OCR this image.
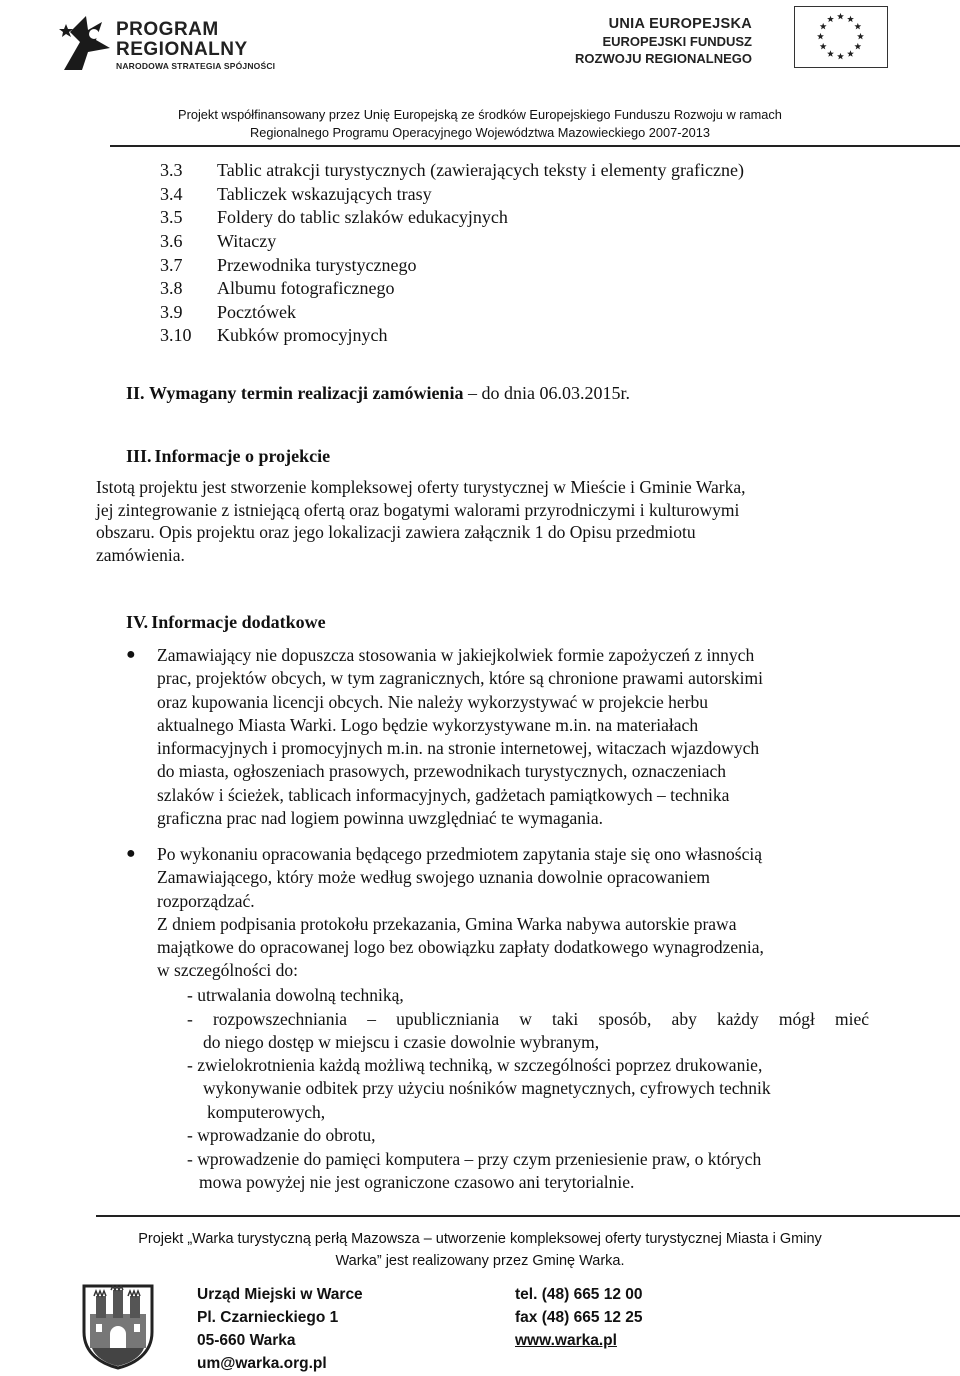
PROGRAM
REGIONALNY
NARODOWA STRATEGIA SPÓJNOŚCI
UNIA EUROPEJSKA
EUROPEJSKI FUNDUSZ
ROZWOJU REGIONALNEGO
Projekt współfinansowany przez Unię Europejską ze środków Europejskiego Funduszu Rozwoju w ramach
Regionalnego Programu Operacyjnego Województwa Mazowieckiego 2007-2013
3.3 Tablic atrakcji turystycznych (zawierających teksty i elementy graficzne)
3.4 Tabliczek wskazujących trasy
3.5 Foldery do tablic szlaków edukacyjnych
3.6 Witaczy
3.7 Przewodnika turystycznego
3.8 Albumu fotograficznego
3.9 Pocztówek
3.10 Kubków promocyjnych
II. Wymagany termin realizacji zamówienia – do dnia 06.03.2015r.
III. Informacje o projekcie
Istotą projektu jest stworzenie kompleksowej oferty turystycznej w Mieście i Gminie Warka,
jej zintegrowanie z istniejącą ofertą oraz bogatymi walorami przyrodniczymi i kulturowymi
obszaru. Opis projektu oraz jego lokalizacji zawiera załącznik 1 do Opisu przedmiotu
zamówienia.
IV. Informacje dodatkowe
● Zamawiający nie dopuszcza stosowania w jakiejkolwiek formie zapożyczeń z innych
prac, projektów obcych, w tym zagranicznych, które są chronione prawami autorskimi
oraz kupowania licencji obcych. Nie należy wykorzystywać w projekcie herbu
aktualnego Miasta Warki. Logo będzie wykorzystywane m.in. na materiałach
informacyjnych i promocyjnych m.in. na stronie internetowej, witaczach wjazdowych
do miasta, ogłoszeniach prasowych, przewodnikach turystycznych, oznaczeniach
szlaków i ścieżek, tablicach informacyjnych, gadżetach pamiątkowych – technika
graficzna prac nad logiem powinna uwzględniać te wymagania.
● Po wykonaniu opracowania będącego przedmiotem zapytania staje się ono własnością
Zamawiającego, który może według swojego uznania dowolnie opracowaniem
rozporządzać.
Z dniem podpisania protokołu przekazania, Gmina Warka nabywa autorskie prawa
majątkowe do opracowanej logo bez obowiązku zapłaty dodatkowego wynagrodzenia,
w szczególności do:
- utrwalania dowolną techniką,
- rozpowszechniania – upubliczniania w taki sposób, aby każdy mógł mieć
do niego dostęp w miejscu i czasie dowolnie wybranym,
- zwielokrotnienia każdą możliwą techniką, w szczególności poprzez drukowanie,
wykonywanie odbitek przy użyciu nośników magnetycznych, cyfrowych technik
komputerowych,
- wprowadzanie do obrotu,
- wprowadzenie do pamięci komputera – przy czym przeniesienie praw, o których
mowa powyżej nie jest ograniczone czasowo ani terytorialnie.
Projekt „Warka turystyczną perłą Mazowsza – utworzenie kompleksowej oferty turystycznej Miasta i Gminy
Warka” jest realizowany przez Gminę Warka.
Urząd Miejski w Warce
Pl. Czarnieckiego 1
05-660 Warka
um@warka.org.pl
tel. (48) 665 12 00
fax (48) 665 12 25
www.warka.pl
